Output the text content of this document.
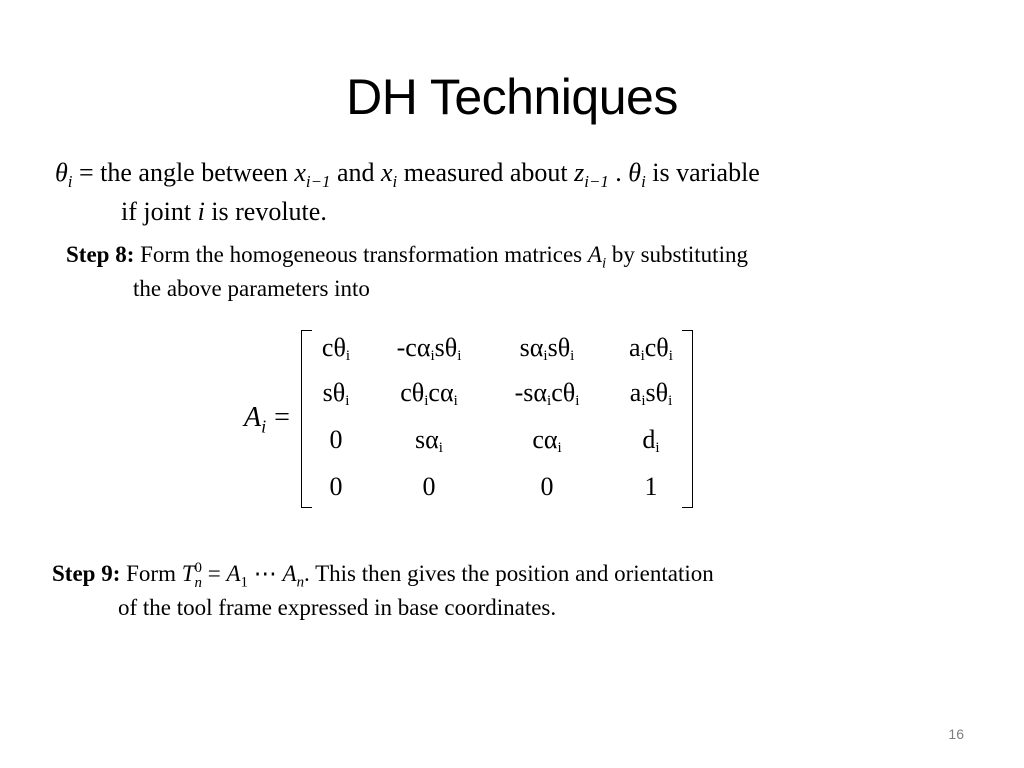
DH Techniques
$\theta_i$ = the angle between $x_{i-1}$ and $x_i$ measured about $z_{i-1}$ . $\theta_i$ is variable
if joint i is revolute.
Step 8: Form the homogeneous transformation matrices $A_i$ by substituting
the above parameters into
$A_i$ =
$c\theta_i$	$-c\alpha_is\theta_i$	$s\alpha_is\theta_i$	$a_ic\theta_i$
$s\theta_i$	$c\theta_ic\alpha_i$	$-s\alpha_ic\theta_i$	$a_is\theta_i$
0	$s\alpha_i$	$c\alpha_i$	$d_i$
0	0	0	1
Step 9: Form T 0
$n = A_1$ ⋯ $A_n$. This then gives the position and orientation
of the tool frame expressed in base coordinates.
16
